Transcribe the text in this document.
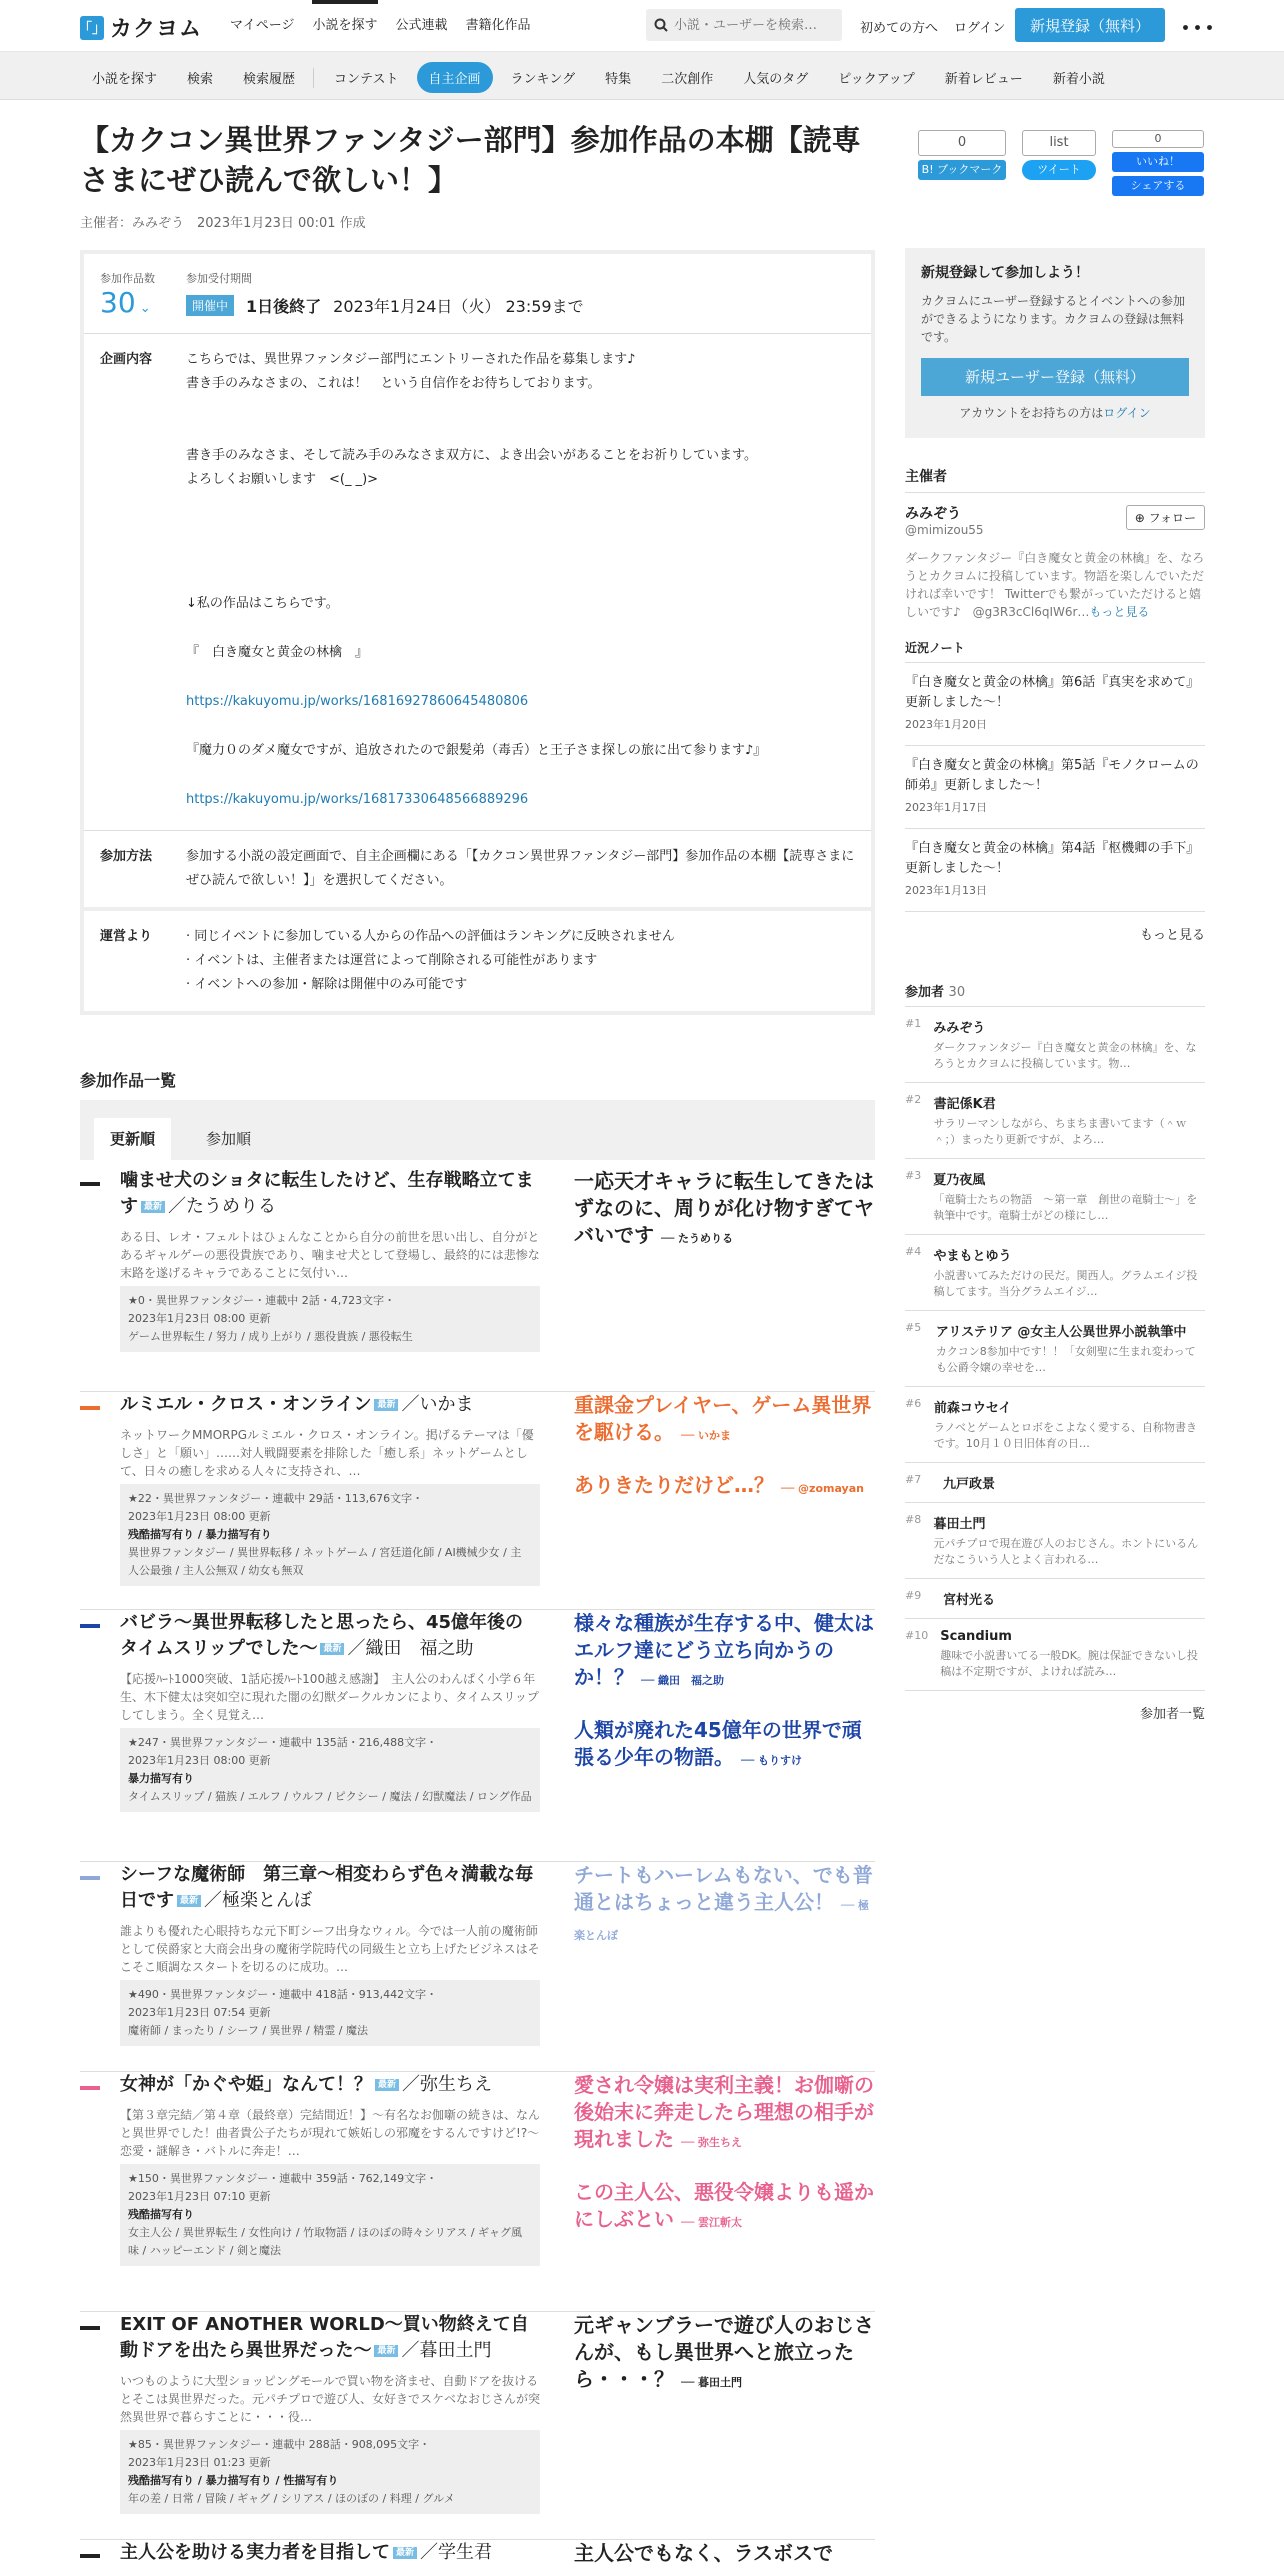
「」 カクヨム マイページ 小説を探す 公式連載 書籍化作品
小説・ユーザーを検索…	初めての方へ ログイン	新規登録（無料）	･･･
小説を探す	検索	検索履歴	コンテスト	自主企画	ランキング	特集	二次創作	人気のタグ	ピックアップ	新着レビュー	新着小説
【カクコン異世界ファンタジー部門】参加作品の本棚【読専さまにぜひ読んで欲しい！】
主催者：みみぞう　2023年1月23日 00:01 作成
0
B! ブックマーク
list
ツイート
0
いいね！
シェアする
参加作品数
30 ⌄
参加受付期間
開催中	1日後終了 2023年1月24日（火） 23:59まで
企画内容	こちらでは、異世界ファンタジー部門にエントリーされた作品を募集します♪
書き手のみなさまの、これは！　という自信作をお待ちしております。
書き手のみなさま、そして読み手のみなさま双方に、よき出会いがあることをお祈りしています。
よろしくお願いします　<(_ _)>
↓私の作品はこちらです。
『　白き魔女と黄金の林檎　』
https://kakuyomu.jp/works/16816927860645480806
『魔力０のダメ魔女ですが、追放されたので銀髪弟（毒舌）と王子さま探しの旅に出て参ります♪』
https://kakuyomu.jp/works/16817330648566889296
参加方法	参加する小説の設定画面で、自主企画欄にある「【カクコン異世界ファンタジー部門】参加作品の本棚【読専さまにぜひ読んで欲しい！】」を選択してください。
運営より	· 同じイベントに参加している人からの作品への評価はランキングに反映されません
· イベントは、主催者または運営によって削除される可能性があります
· イベントへの参加・解除は開催中のみ可能です
新規登録して参加しよう！
カクヨムにユーザー登録するとイベントへの参加ができるようになります。カクヨムの登録は無料です。
新規ユーザー登録（無料）
アカウントをお持ちの方はログイン
主催者
みみぞう
@mimizou55
⊕ フォロー
ダークファンタジー『白き魔女と黄金の林檎』を、なろうとカクヨムに投稿しています。物語を楽しんでいただければ幸いです！ Twitterでも繋がっていただけると嬉しいです♪　@g3R3cCl6qIW6r…もっと見る
近況ノート
『白き魔女と黄金の林檎』第6話『真実を求めて』更新しました～！
2023年1月20日
『白き魔女と黄金の林檎』第5話『モノクロームの師弟』更新しました～！
2023年1月17日
『白き魔女と黄金の林檎』第4話『枢機卿の手下』更新しました～！
2023年1月13日
もっと見る
参加者 30
#1 みみぞう

ダークファンタジー『白き魔女と黄金の林檎』を、なろうとカクヨムに投稿しています。物…

#2 書記係K君

サラリーマンしながら、ちまちま書いてます（＾ｗ＾；）まったり更新ですが、よろ…

#3 夏乃夜風

「竜騎士たちの物語　〜第一章　創世の竜騎士〜」を執筆中です。竜騎士がどの様にし…

#4 やまもとゆう

小説書いてみただけの民だ。関西人。グラムエイジ投稿してます。当分グラムエイジ…

#5 アリステリア @女主人公異世界小説執筆中

カクコン8参加中です！！「女剣聖に生まれ変わっても公爵令嬢の幸せを…

#6 前森コウセイ

ラノベとゲームとロボをこよなく愛する、自称物書きです。10月１０日旧体育の日…

#7	九戸政景
#8 暮田土門

元パチプロで現在遊び人のおじさん。ホントにいるんだなこういう人とよく言われる…

#9	宮村光る
#10 Scandium

趣味で小説書いてる一般DK。腕は保証できないし投稿は不定期ですが、よければ読み…

参加者一覧
参加作品一覧
更新順	参加順
噛ませ犬のショタに転生したけど、生存戦略立てます 最新 ／たうめりる
ある日、レオ・フェルトはひょんなことから自分の前世を思い出し、自分がとあるギャルゲーの悪役貴族であり、噛ませ犬として登場し、最終的には悲惨な末路を遂げるキャラであることに気付い…
★0・異世界ファンタジー・連載中 2話・4,723文字・
2023年1月23日 08:00 更新
ゲーム世界転生 / 努力 / 成り上がり / 悪役貴族 / 悪役転生
一応天才キャラに転生してきたはずなのに、周りが化け物すぎてヤバいです ── たうめりる
ルミエル・クロス・オンライン 最新 ／いかま
ネットワークMMORPGルミエル・クロス・オンライン。掲げるテーマは「優しさ」と「願い」……対人戦闘要素を排除した「癒し系」ネットゲームとして、日々の癒しを求める人々に支持され、…
★22・異世界ファンタジー・連載中 29話・113,676文字・
2023年1月23日 08:00 更新
残酷描写有り / 暴力描写有り
異世界ファンタジー / 異世界転移 / ネットゲーム / 宮廷道化師 / AI機械少女 / 主人公最強 / 主人公無双 / 幼女も無双
重課金プレイヤー、ゲーム異世界を駆ける。 ── いかま
ありきたりだけど…？ ── @zomayan
バビラ〜異世界転移したと思ったら、45億年後のタイムスリップでした〜 最新 ／織田　福之助
【応援ﾊｰﾄ1000突破、1話応援ﾊｰﾄ100越え感謝】　主人公のわんぱく小学６年生、木下健太は突如空に現れた闇の幻獣ダークルカンにより、タイムスリップしてしまう。全く見覚え…
★247・異世界ファンタジー・連載中 135話・216,488文字・
2023年1月23日 08:00 更新
暴力描写有り
タイムスリップ / 猫族 / エルフ / ウルフ / ピクシー / 魔法 / 幻獣魔法 / ロング作品
様々な種族が生存する中、健太はエルフ達にどう立ち向かうのか！？ ── 織田　福之助
人類が廃れた45億年の世界で頑張る少年の物語。 ── もりすけ
シーフな魔術師　第三章〜相変わらず色々満載な毎日です 最新 ／極楽とんぼ
誰よりも優れた心眼持ちな元下町シーフ出身なウィル。今では一人前の魔術師として侯爵家と大商会出身の魔術学院時代の同級生と立ち上げたビジネスはそこそこ順調なスタートを切るのに成功。…
★490・異世界ファンタジー・連載中 418話・913,442文字・
2023年1月23日 07:54 更新
魔術師 / まったり / シーフ / 異世界 / 精霊 / 魔法
チートもハーレムもない、でも普通とはちょっと違う主人公！ ── 極楽とんぼ
女神が「かぐや姫」なんて！？ 最新 ／弥生ちえ
【第３章完結／第４章（最終章）完結間近！】～有名なお伽噺の続きは、なんと異世界でした！曲者貴公子たちが現れて嫉妬しの邪魔をするんですけど!?～　恋愛・謎解き・バトルに奔走！…
★150・異世界ファンタジー・連載中 359話・762,149文字・
2023年1月23日 07:10 更新
残酷描写有り
女主人公 / 異世界転生 / 女性向け / 竹取物語 / ほのぼの時々シリアス / ギャグ風味 / ハッピーエンド / 剣と魔法
愛され令嬢は実利主義！お伽噺の後始末に奔走したら理想の相手が現れました ── 弥生ちえ
この主人公、悪役令嬢よりも遥かにしぶとい ── 雲江斬太
EXIT OF ANOTHER WORLD～買い物終えて自動ドアを出たら異世界だった～ 最新 ／暮田土門
いつものように大型ショッピングモールで買い物を済ませ、自動ドアを抜けるとそこは異世界だった。元パチプロで遊び人、女好きでスケベなおじさんが突然異世界で暮らすことに・・・役…
★85・異世界ファンタジー・連載中 288話・908,095文字・
2023年1月23日 01:23 更新
残酷描写有り / 暴力描写有り / 性描写有り
年の差 / 日常 / 冒険 / ギャグ / シリアス / ほのぼの / 料理 / グルメ
元ギャンブラーで遊び人のおじさんが、もし異世界へと旅立ったら・・・？ ── 暮田土門
主人公を助ける実力者を目指して 最新 ／学生君	主人公でもなく、ラスボスで
